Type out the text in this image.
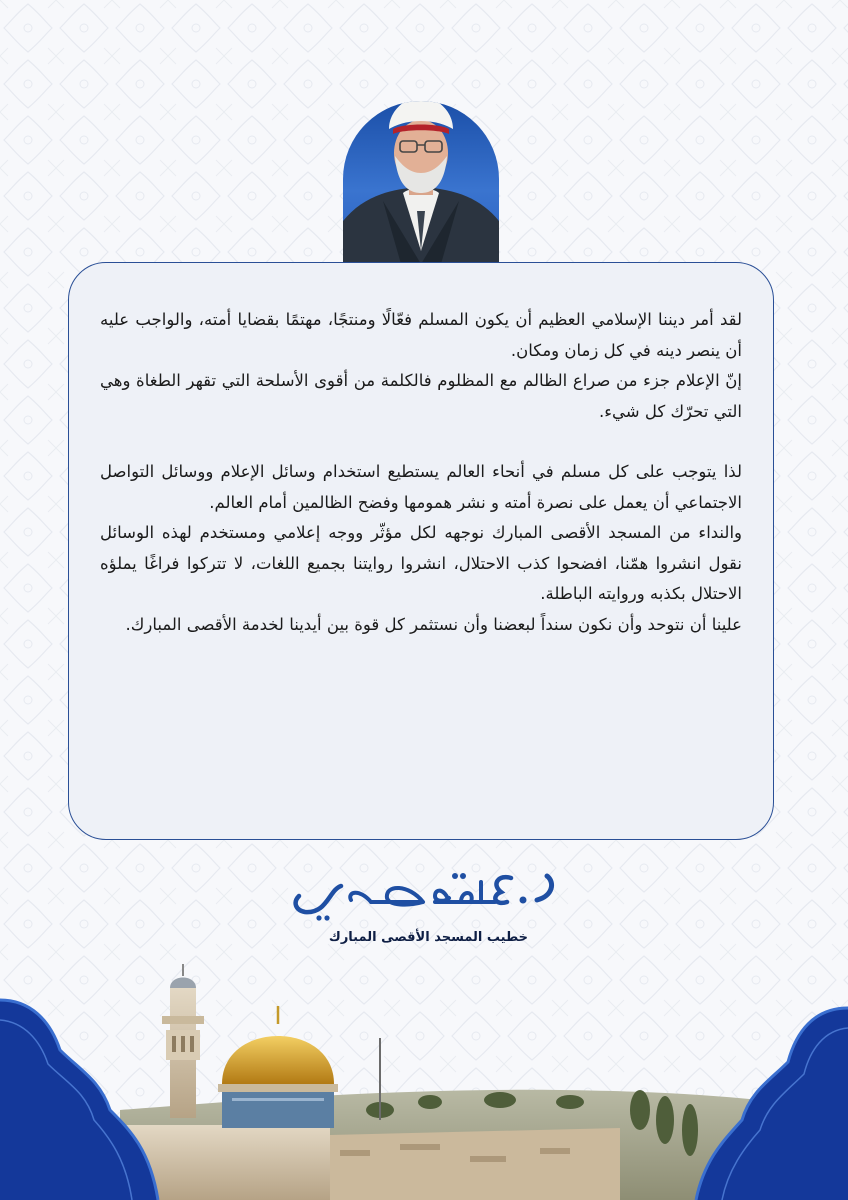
لقد أمر ديننا الإسلامي العظيم أن يكون المسلم فعّالًا ومنتجًا، مهتمًا بقضايا أمته، والواجب عليه أن ينصر دينه في كل زمان ومكان.

إنّ الإعلام جزء من صراع الظالم مع المظلوم فالكلمة من أقوى الأسلحة التي تقهر الطغاة وهي التي تحرّك كل شيء.

لذا يتوجب على كل مسلم في أنحاء العالم يستطيع استخدام وسائل الإعلام ووسائل التواصل الاجتماعي أن يعمل على نصرة أمته و نشر همومها وفضح الظالمين أمام العالم.

والنداء من المسجد الأقصى المبارك نوجهه لكل مؤثّر ووجه إعلامي ومستخدم لهذه الوسائل نقول انشروا همّنا، افضحوا كذب الاحتلال، انشروا روايتنا بجميع اللغات، لا تتركوا فراغًا يملؤه الاحتلال بكذبه وروايته الباطلة.

علينا أن نتوحد وأن نكون سنداً لبعضنا وأن نستثمر كل قوة بين أيدينا لخدمة الأقصى المبارك.

خطيب المسجد الأقصى المبارك
